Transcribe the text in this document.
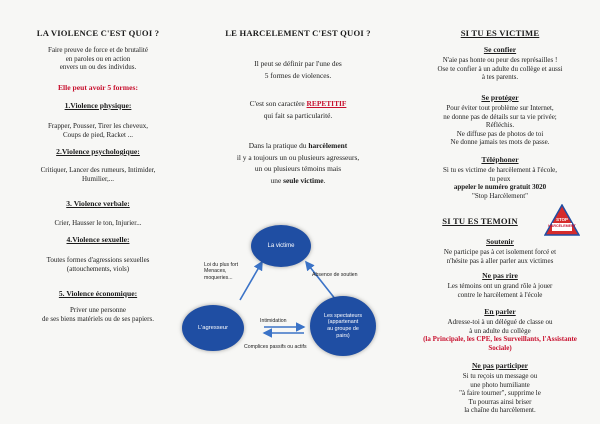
LA VIOLENCE C'EST QUOI ?
Faire preuve de force et de brutalité
en paroles ou en action
envers un ou des individus.
Elle peut avoir 5 formes:
1.Violence physique:
Frapper, Pousser, Tirer les cheveux,
Coups de pied, Racket ...
2.Violence psychologique:
Critiquer, Lancer des rumeurs, Intimider,
Humilier,...
3. Violence verbale:
Crier, Hausser le ton, Injurier...
4.Violence sexuelle:
Toutes formes d'agressions sexuelles
(attouchements, viols)
5. Violence économique:
Priver une personne
de ses biens matériels ou de ses papiers.
LE HARCELEMENT C'EST QUOI ?
Il peut se définir par l'une des
5 formes de violences.
C'est son caractère REPETITIF
qui fait sa particularité.
Dans la pratique du harcèlement
il y a toujours un ou plusieurs agresseurs,
un ou plusieurs témoins mais
une seule victime.
La victime
L'agresseur
Les spectateurs
(appartenant
au groupe de
pairs)
Loi du plus fort
Menaces,
moqueries...	Absence de soutien
Intimidation
Complices passifs ou actifs
SI TU ES VICTIME
Se confier
N'aie pas honte ou peur des représailles !
Ose te confier à un adulte du collège et aussi
à tes parents.
Se protéger
Pour éviter tout problème sur Internet,
ne donne pas de détails sur ta vie privée;
Réfléchis.
Ne diffuse pas de photos de toi
Ne donne jamais tes mots de passe.
Téléphoner
Si tu es victime de harcèlement à l'école,
tu peux
appeler le numéro gratuit 3020
"Stop Harcèlement"
SI TU ES TEMOIN	STOP
HARCÈLEMENT
Soutenir
Ne participe pas à cet isolement forcé et
n'hésite pas à aller parler aux victimes
Ne pas rire
Les témoins ont un grand rôle à jouer
contre le harcèlement à l'école
En parler
Adresse-toi à un délégué de classe ou
à un adulte du collège
(la Principale, les CPE, les Surveillants, l'Assistante
Sociale)
Ne pas participer
Si tu reçois un message ou
une photo humiliante
"à faire tourner", supprime le
Tu pourras ainsi briser
la chaîne du harcèlement.
